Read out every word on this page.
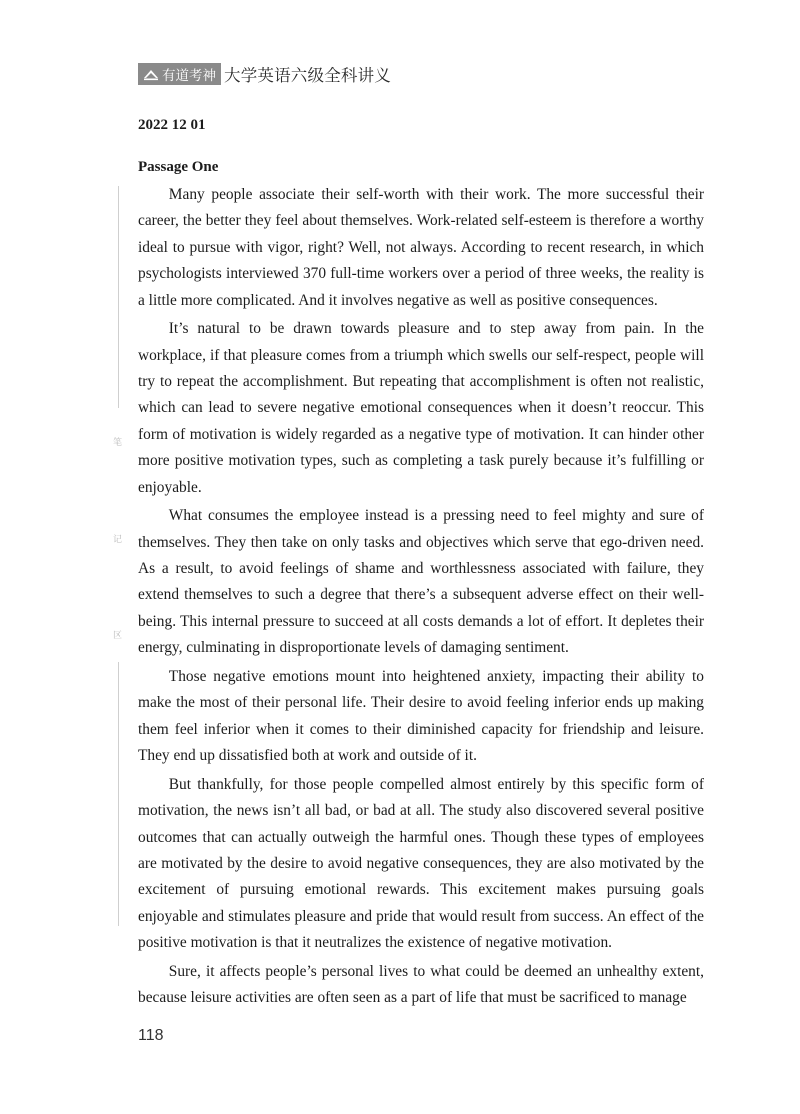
有道考神 大学英语六级全科讲义
2022 12 01
Passage One
笔
记
区

Many people associate their self-worth with their work. The more successful their career, the better they feel about themselves. Work-related self-esteem is therefore a worthy ideal to pursue with vigor, right? Well, not always. According to recent research, in which psychologists interviewed 370 full-time workers over a period of three weeks, the reality is a little more complicated. And it involves negative as well as positive consequences.

It’s natural to be drawn towards pleasure and to step away from pain. In the workplace, if that pleasure comes from a triumph which swells our self-respect, people will try to repeat the accomplishment. But repeating that accomplishment is often not realistic, which can lead to severe negative emotional consequences when it doesn’t reoccur. This form of motivation is widely regarded as a negative type of motivation. It can hinder other more positive motivation types, such as completing a task purely because it’s fulfilling or enjoyable.

What consumes the employee instead is a pressing need to feel mighty and sure of themselves. They then take on only tasks and objectives which serve that ego-driven need. As a result, to avoid feelings of shame and worthlessness associated with failure, they extend themselves to such a degree that there’s a subsequent adverse effect on their well-being. This internal pressure to succeed at all costs demands a lot of effort. It depletes their energy, culminating in disproportionate levels of damaging sentiment.

Those negative emotions mount into heightened anxiety, impacting their ability to make the most of their personal life. Their desire to avoid feeling inferior ends up making them feel inferior when it comes to their diminished capacity for friendship and leisure. They end up dissatisfied both at work and outside of it.

But thankfully, for those people compelled almost entirely by this specific form of motivation, the news isn’t all bad, or bad at all. The study also discovered several positive outcomes that can actually outweigh the harmful ones. Though these types of employees are motivated by the desire to avoid negative consequences, they are also motivated by the excitement of pursuing emotional rewards. This excitement makes pursuing goals enjoyable and stimulates pleasure and pride that would result from success. An effect of the positive motivation is that it neutralizes the existence of negative motivation.

Sure, it affects people’s personal lives to what could be deemed an unhealthy extent, because leisure activities are often seen as a part of life that must be sacrificed to manage

118
